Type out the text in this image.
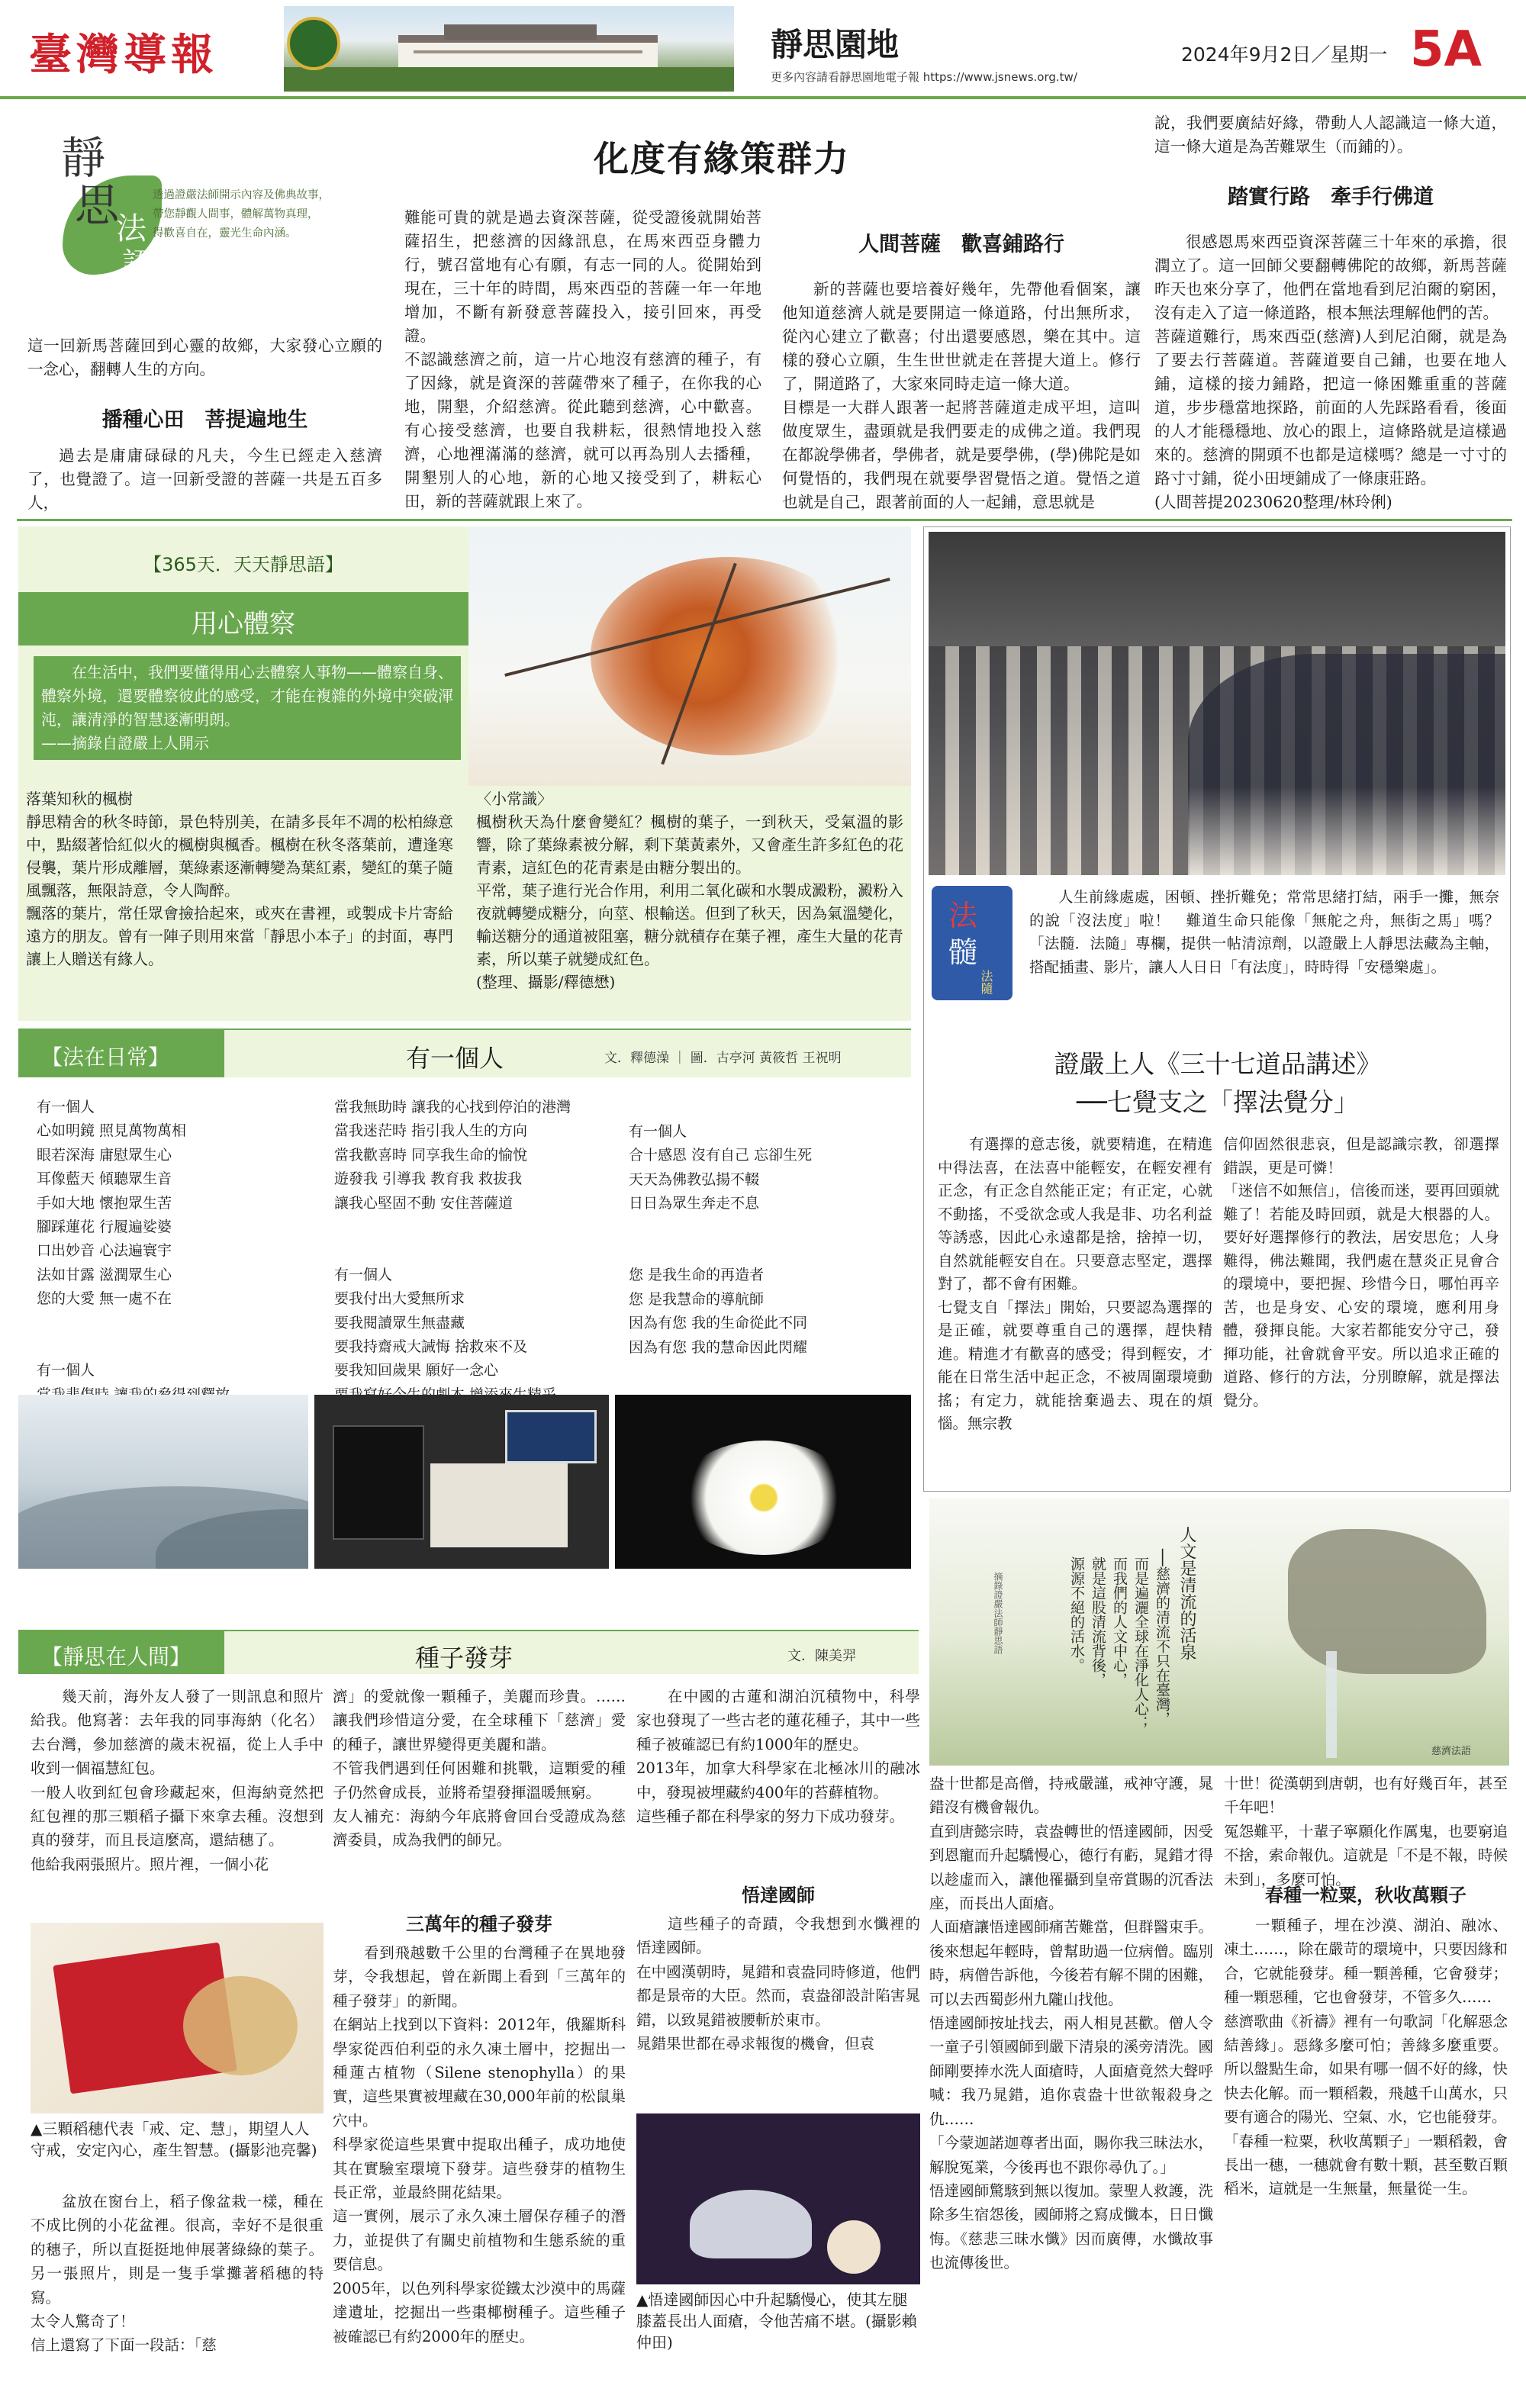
臺灣導報	靜思園地
更多內容請看靜思園地電子報 https://www.jsnews.org.tw/
2024年9月2日／星期一 5A
靜
思
法
語
透過證嚴法師開示內容及佛典故事，
帶您靜觀人間事，體解萬物真理，
得歡喜自在，靈光生命內涵。
化度有緣策群力
這一回新馬菩薩回到心靈的故鄉，大家發心立願的一念心，翻轉人生的方向。
播種心田　菩提遍地生
過去是庸庸碌碌的凡夫，今生已經走入慈濟了，也覺證了。這一回新受證的菩薩一共是五百多人，
難能可貴的就是過去資深菩薩，從受證後就開始菩薩招生，把慈濟的因緣訊息，在馬來西亞身體力行，號召當地有心有願，有志一同的人。從開始到現在，三十年的時間，馬來西亞的菩薩一年一年地增加，不斷有新發意菩薩投入，接引回來，再受證。
不認識慈濟之前，這一片心地沒有慈濟的種子，有了因緣，就是資深的菩薩帶來了種子，在你我的心地，開墾，介紹慈濟。從此聽到慈濟，心中歡喜。有心接受慈濟，也要自我耕耘，很熱情地投入慈濟，心地裡滿滿的慈濟，就可以再為別人去播種，開墾別人的心地，新的心地又接受到了，耕耘心田，新的菩薩就跟上來了。
人間菩薩　歡喜鋪路行
新的菩薩也要培養好幾年，先帶他看個案，讓他知道慈濟人就是要開這一條道路，付出無所求，從內心建立了歡喜；付出還要感恩，樂在其中。這樣的發心立願，生生世世就走在菩提大道上。修行了，開道路了，大家來同時走這一條大道。
目標是一大群人跟著一起將菩薩道走成平坦，這叫做度眾生，盡頭就是我們要走的成佛之道。我們現在都說學佛者，學佛者，就是要學佛，(學)佛陀是如何覺悟的，我們現在就要學習覺悟之道。覺悟之道也就是自己，跟著前面的人一起鋪，意思就是
說，我們要廣結好緣，帶動人人認識這一條大道，這一條大道是為苦難眾生（而鋪的）。
踏實行路　牽手行佛道
很感恩馬來西亞資深菩薩三十年來的承擔，很潤立了。這一回師父要翻轉佛陀的故鄉，新馬菩薩昨天也來分享了，他們在當地看到尼泊爾的窮困，沒有走入了這一條道路，根本無法理解他們的苦。
菩薩道難行，馬來西亞(慈濟)人到尼泊爾，就是為了要去行菩薩道。菩薩道要自己鋪，也要在地人鋪，這樣的接力鋪路，把這一條困難重重的菩薩道，步步穩當地探路，前面的人先踩路看看，後面的人才能穩穩地、放心的跟上，這條路就是這樣過來的。慈濟的開頭不也都是這樣嗎？總是一寸寸的路寸寸鋪，從小田埂鋪成了一條康莊路。
(人間菩提20230620整理/林玲俐)
【365天．天天靜思語】
用心體察
在生活中，我們要懂得用心去體察人事物——體察自身、體察外境，還要體察彼此的感受，才能在複雜的外境中突破渾沌，讓清淨的智慧逐漸明朗。
——摘錄自證嚴上人開示
落葉知秋的楓樹
靜思精舍的秋冬時節，景色特別美，在請多長年不凋的松柏綠意中，點綴著恰紅似火的楓樹與楓香。楓樹在秋冬落葉前，遭逢寒侵襲，葉片形成離層，葉綠素逐漸轉變為葉紅素，變紅的葉子隨風飄落，無限詩意，令人陶醉。
飄落的葉片，常任眾會撿拾起來，或夾在書裡，或製成卡片寄給遠方的朋友。曾有一陣子則用來當「靜思小本子」的封面，專門讓上人贈送有緣人。
〈小常識〉
楓樹秋天為什麼會變紅？楓樹的葉子，一到秋天，受氣溫的影響，除了葉綠素被分解，剩下葉黃素外，又會產生許多紅色的花青素，這紅色的花青素是由糖分製出的。
平常，葉子進行光合作用，利用二氧化碳和水製成澱粉，澱粉入夜就轉變成糖分，向莖、根輸送。但到了秋天，因為氣溫變化，輸送糖分的通道被阻塞，糖分就積存在葉子裡，產生大量的花青素，所以葉子就變成紅色。
(整理、攝影/釋德懋)
法
髓
法隨
人生前緣處處，困頓、挫折難免；常常思緒打結，兩手一攤，無奈的說「沒法度」啦！　難道生命只能像「無舵之舟，無街之馬」嗎？「法髓．法隨」專欄，提供一帖清涼劑，以證嚴上人靜思法藏為主軸，搭配插畫、影片，讓人人日日「有法度」，時時得「安穩樂處」。
證嚴上人《三十七道品講述》
──七覺支之「擇法覺分」
有選擇的意志後，就要精進，在精進中得法喜，在法喜中能輕安，在輕安裡有正念，有正念自然能正定；有正定，心就不動搖，不受欲念或人我是非、功名利益等誘惑，因此心永遠都是捨，捨掉一切，自然就能輕安自在。只要意志堅定，選擇對了，都不會有困難。
七覺支自「擇法」開始，只要認為選擇的是正確，就要尊重自己的選擇，趕快精進。精進才有歡喜的感受；得到輕安，才能在日常生活中起正念，不被周圍環境動搖；有定力，就能捨棄過去、現在的煩惱。無宗教
信仰固然很悲哀，但是認識宗教，卻選擇錯誤，更是可憐！
「迷信不如無信」，信後而迷，要再回頭就難了！若能及時回頭，就是大根器的人。要好好選擇修行的教法，居安思危；人身難得，佛法難聞，我們處在慧炎正見會合的環境中，要把握、珍惜今日，哪怕再辛苦，也是身安、心安的環境，應利用身體，發揮良能。大家若都能安分守己，發揮功能，社會就會平安。所以追求正確的道路、修行的方法，分別瞭解，就是擇法覺分。
【法在日常】	有一個人	文．釋德澡 ｜ 圖．古亭河 黃筱哲 王祝明
有一個人
心如明鏡 照見萬物萬相
眼若深海 庸慰眾生心
耳像藍天 傾聽眾生音
手如大地 懷抱眾生苦
腳踩蓮花 行履遍娑婆
口出妙音 心法遍寰宇
法如甘露 滋潤眾生心
您的大愛 無一處不在

有一個人

當我無助時 讓我的心找到停泊的港灣
當我迷茫時 指引我人生的方向
當我歡喜時 同享我生命的愉悅
遊發我 引導我 教育我 救拔我
讓我心堅固不動 安住菩薩道

有一個人
要我付出大愛無所求
要我閱讀眾生無盡藏
要我持齋戒大誡悔 捨救來不及
要我知回歲果 願好一念心

有一個人
合十感恩 沒有自己 忘卻生死
天天為佛教弘揚不輟
日日為眾生奔走不息

您 是我生命的再造者
您 是我慧命的導航師
因為有您 我的生命從此不同
因為有您 我的慧命因此閃耀
人文是清流的活泉
──慈濟的清流不只在臺灣，
而是遍灑全球在淨化人心；
而我們的人文中心，
就是這股清流背後，
源源不絕的活水。
摘錄證嚴法師靜思語
慈濟法語
【靜思在人間】	種子發芽	文．陳美羿
幾天前，海外友人發了一則訊息和照片給我。他寫著：去年我的同事海納（化名）去台灣，參加慈濟的歲末祝福，從上人手中收到一個福慧紅包。
一般人收到紅包會珍藏起來，但海納竟然把紅包裡的那三顆稻子攝下來拿去種。沒想到真的發芽，而且長這麼高，還結穗了。
他給我兩張照片。照片裡，一個小花
▲三顆稻穗代表「戒、定、慧」，期望人人守戒，安定內心，產生智慧。(攝影池亮馨)
盆放在窗台上，稻子像盆栽一樣，種在不成比例的小花盆裡。很高，幸好不是很重的穗子，所以直挺挺地伸展著綠綠的葉子。另一張照片，則是一隻手掌攤著稻穗的特寫。
太令人驚奇了！
信上還寫了下面一段話：「慈
濟」的愛就像一顆種子，美麗而珍貴。……讓我們珍惜這分愛，在全球種下「慈濟」愛的種子，讓世界變得更美麗和諧。
不管我們遇到任何困難和挑戰，這顆愛的種子仍然會成長，並將希望發揮溫暖無窮。
友人補充：海納今年底將會回台受證成為慈濟委員，成為我們的師兄。
三萬年的種子發芽
看到飛越數千公里的台灣種子在異地發芽，令我想起，曾在新聞上看到「三萬年的種子發芽」的新聞。
在網站上找到以下資料：2012年，俄羅斯科學家從西伯利亞的永久凍土層中，挖掘出一種蓮古植物（Silene stenophylla）的果實，這些果實被埋藏在30,000年前的松鼠巢穴中。
科學家從這些果實中提取出種子，成功地使其在實驗室環境下發芽。這些發芽的植物生長正常，並最終開花結果。
這一實例，展示了永久凍土層保存種子的潛力，並提供了有關史前植物和生態系統的重要信息。
2005年，以色列科學家從鐵太沙漠中的馬薩達遺址，挖掘出一些棗椰樹種子。這些種子被確認已有約2000年的歷史。
在中國的古蓮和湖泊沉積物中，科學家也發現了一些古老的蓮花種子，其中一些種子被確認已有約1000年的歷史。
2013年，加拿大科學家在北極冰川的融冰中，發現被埋藏約400年的苔蘚植物。
這些種子都在科學家的努力下成功發芽。
悟達國師
這些種子的奇蹟，令我想到水懺裡的悟達國師。
在中國漢朝時，晁錯和袁盎同時修道，他們都是景帝的大臣。然而，袁盎卻設計陷害晁錯，以致晁錯被腰斬於東市。
晁錯果世都在尋求報復的機會，但袁
▲悟達國師因心中升起驕慢心，使其左腿膝蓋長出人面瘡，令他苦痛不堪。(攝影賴仲田)
盎十世都是高僧，持戒嚴謹，戒神守護，晁錯沒有機會報仇。
直到唐懿宗時，袁盎轉世的悟達國師，因受到恩寵而升起驕慢心，德行有虧，晁錯才得以趁虛而入，讓他罹攝到皇帝賞賜的沉香法座，而長出人面瘡。
人面瘡讓悟達國師痛苦難當，但群醫束手。後來想起年輕時，曾幫助過一位病僧。臨別時，病僧告訴他，今後若有解不開的困難，可以去西蜀彭州九隴山找他。
悟達國師按址找去，兩人相見甚歡。僧人令一童子引領國師到嚴下清泉的溪旁清洗。國師剛要捧水洗人面瘡時，人面瘡竟然大聲呼喊：我乃晁錯，追你袁盎十世欲報殺身之仇……
「今蒙迦諾迦尊者出面，賜你我三昧法水，解脫冤業，今後再也不跟你尋仇了。」
悟達國師驚駭到無以復加。蒙聖人救護，洗除多生宿怨後，國師將之寫成懺本，日日懺悔。《慈悲三昧水懺》因而廣傳，水懺故事也流傳後世。
十世！從漢朝到唐朝，也有好幾百年，甚至千年吧！
冤怨難平，十輩子寧願化作厲鬼，也要窮追不捨，索命報仇。這就是「不是不報，時候未到」，多麼可怕。
春種一粒粟，秋收萬顆子
一顆種子，埋在沙漠、湖泊、融冰、凍土……，除在嚴苛的環境中，只要因緣和合，它就能發芽。種一顆善種，它會發芽；種一顆惡種，它也會發芽，不管多久……
慈濟歌曲《祈禱》裡有一句歌詞「化解惡念結善緣」。惡緣多麼可怕；善緣多麼重要。所以盤點生命，如果有哪一個不好的緣，快快去化解。而一顆稻穀，飛越千山萬水，只要有適合的陽光、空氣、水，它也能發芽。
「春種一粒粟，秋收萬顆子」一顆稻穀，會長出一穗，一穗就會有數十顆，甚至數百顆稻米，這就是一生無量，無量從一生。
